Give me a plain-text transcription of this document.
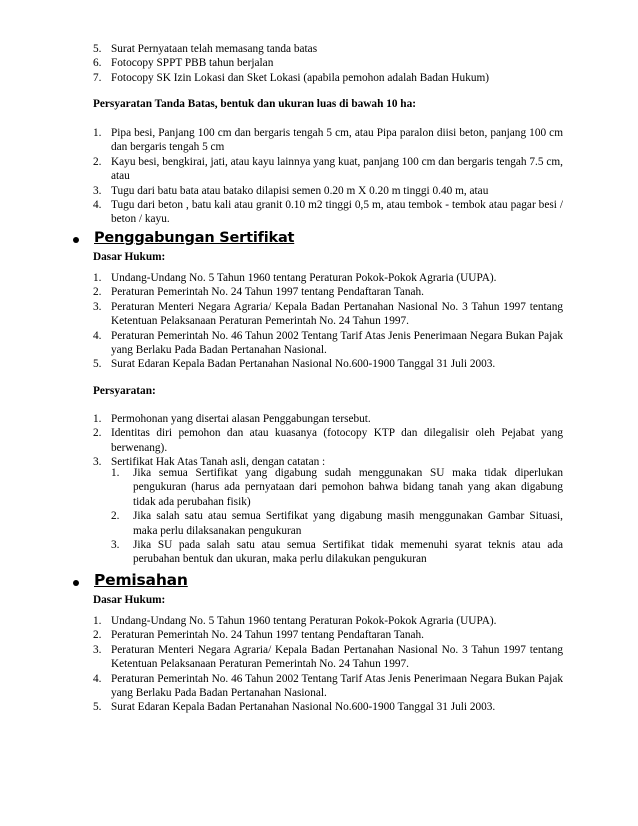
5. Surat Pernyataan telah memasang tanda batas
6. Fotocopy SPPT PBB tahun berjalan
7. Fotocopy SK Izin Lokasi dan Sket Lokasi (apabila pemohon adalah Badan Hukum)
Persyaratan Tanda Batas, bentuk dan ukuran luas di bawah 10 ha:
1. Pipa besi, Panjang 100 cm dan bergaris tengah 5 cm, atau Pipa paralon diisi beton, panjang 100 cm dan bergaris tengah 5 cm
2. Kayu besi, bengkirai, jati, atau kayu lainnya yang kuat, panjang 100 cm dan bergaris tengah 7.5 cm, atau
3. Tugu dari batu bata atau batako dilapisi semen 0.20 m X 0.20 m tinggi 0.40 m, atau
4. Tugu dari beton , batu kali atau granit 0.10 m2 tinggi 0,5 m, atau tembok - tembok atau pagar besi / beton / kayu.
Penggabungan Sertifikat
Dasar Hukum:
1. Undang-Undang No. 5 Tahun 1960 tentang Peraturan Pokok-Pokok Agraria (UUPA).
2. Peraturan Pemerintah No. 24 Tahun 1997 tentang Pendaftaran Tanah.
3. Peraturan Menteri Negara Agraria/ Kepala Badan Pertanahan Nasional No. 3 Tahun 1997 tentang Ketentuan Pelaksanaan Peraturan Pemerintah No. 24 Tahun 1997.
4. Peraturan Pemerintah No. 46 Tahun 2002 Tentang Tarif Atas Jenis Penerimaan Negara Bukan Pajak yang Berlaku Pada Badan Pertanahan Nasional.
5. Surat Edaran Kepala Badan Pertanahan Nasional No.600-1900 Tanggal 31 Juli 2003.
Persyaratan:
1. Permohonan yang disertai alasan Penggabungan tersebut.
2. Identitas diri pemohon dan atau kuasanya (fotocopy KTP dan dilegalisir oleh Pejabat yang berwenang).
3. Sertifikat Hak Atas Tanah asli, dengan catatan :
1. Jika semua Sertifikat yang digabung sudah menggunakan SU maka tidak diperlukan pengukuran (harus ada pernyataan dari pemohon bahwa bidang tanah yang akan digabung tidak ada perubahan fisik)
2. Jika salah satu atau semua Sertifikat yang digabung masih menggunakan Gambar Situasi, maka perlu dilaksanakan pengukuran
3. Jika SU pada salah satu atau semua Sertifikat tidak memenuhi syarat teknis atau ada perubahan bentuk dan ukuran, maka perlu dilakukan pengukuran
Pemisahan
Dasar Hukum:
1. Undang-Undang No. 5 Tahun 1960 tentang Peraturan Pokok-Pokok Agraria (UUPA).
2. Peraturan Pemerintah No. 24 Tahun 1997 tentang Pendaftaran Tanah.
3. Peraturan Menteri Negara Agraria/ Kepala Badan Pertanahan Nasional No. 3 Tahun 1997 tentang Ketentuan Pelaksanaan Peraturan Pemerintah No. 24 Tahun 1997.
4. Peraturan Pemerintah No. 46 Tahun 2002 Tentang Tarif Atas Jenis Penerimaan Negara Bukan Pajak yang Berlaku Pada Badan Pertanahan Nasional.
5. Surat Edaran Kepala Badan Pertanahan Nasional No.600-1900 Tanggal 31 Juli 2003.
